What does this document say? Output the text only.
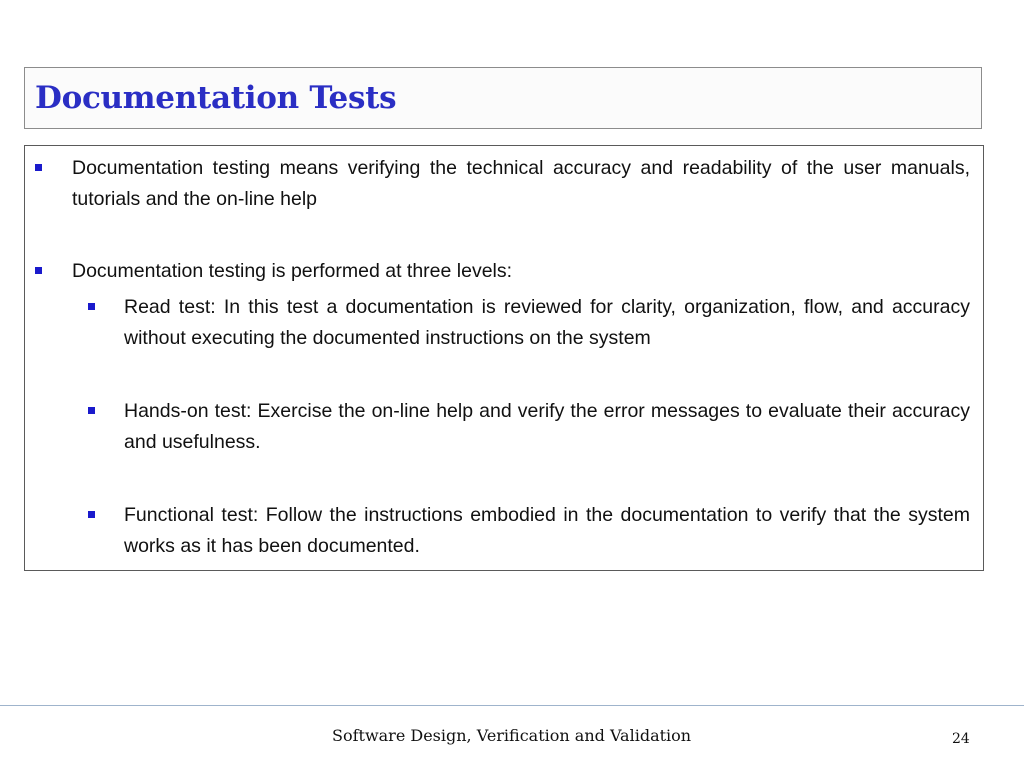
Documentation Tests
Documentation testing means verifying the technical accuracy and readability of the user manuals, tutorials and the on-line help
Documentation testing is performed at three levels:
Read test: In this test a documentation is reviewed for clarity, organization, flow, and accuracy without executing the documented instructions on the system
Hands-on test: Exercise the on-line help and verify the error messages to evaluate their accuracy and usefulness.
Functional test: Follow the instructions embodied in the documentation to verify that the system works as it has been documented.
Software Design, Verification and Validation	24
